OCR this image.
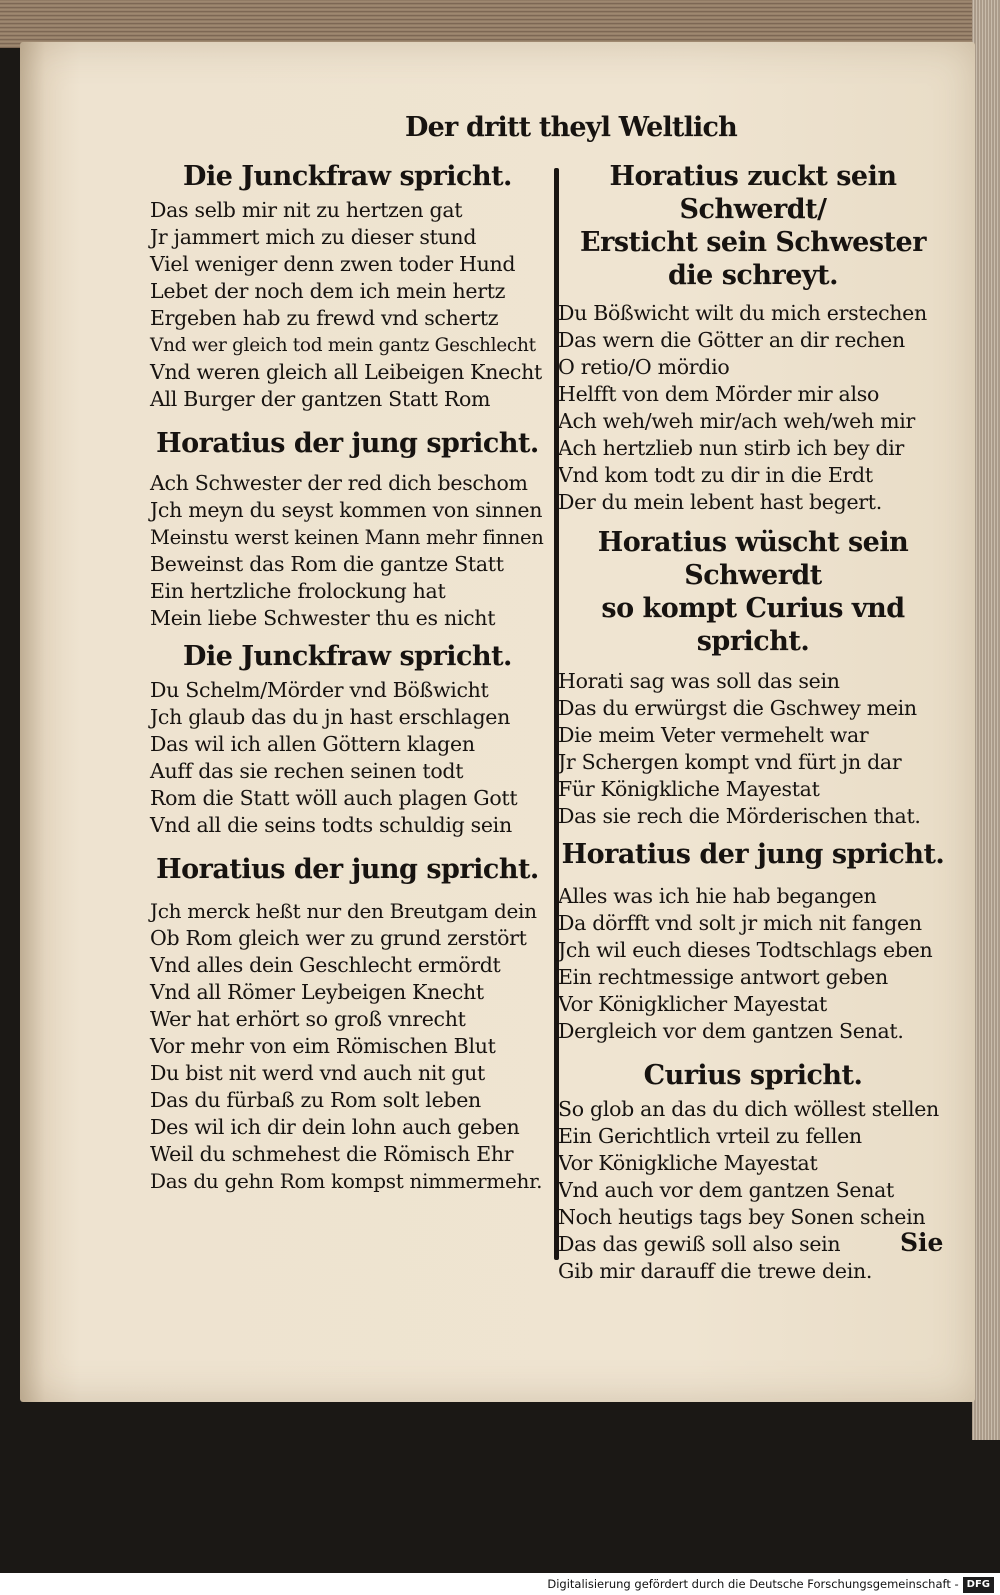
Der dritt theyl Weltlich
Die Junckfraw spricht.
Das selb mir nit zu hertzen gat
Jr jammert mich zu dieser stund
Viel weniger denn zwen toder Hund
Lebet der noch dem ich mein hertz
Ergeben hab zu frewd vnd schertz
Vnd wer gleich tod mein gantz Geschlecht
Vnd weren gleich all Leibeigen Knecht
All Burger der gantzen Statt Rom
Horatius der jung spricht.
Ach Schwester der red dich beschom
Jch meyn du seyst kommen von sinnen
Meinstu werst keinen Mann mehr finnen
Beweinst das Rom die gantze Statt
Ein hertzliche frolockung hat
Mein liebe Schwester thu es nicht
Die Junckfraw spricht.
Du Schelm/Mörder vnd Bößwicht
Jch glaub das du jn hast erschlagen
Das wil ich allen Göttern klagen
Auff das sie rechen seinen todt
Rom die Statt wöll auch plagen Gott
Vnd all die seins todts schuldig sein
Horatius der jung spricht.
Jch merck heßt nur den Breutgam dein
Ob Rom gleich wer zu grund zerstört
Vnd alles dein Geschlecht ermördt
Vnd all Römer Leybeigen Knecht
Wer hat erhört so groß vnrecht
Vor mehr von eim Römischen Blut
Du bist nit werd vnd auch nit gut
Das du fürbaß zu Rom solt leben
Des wil ich dir dein lohn auch geben
Weil du schmehest die Römisch Ehr
Das du gehn Rom kompst nimmermehr.
Horatius zuckt sein Schwerdt/
Ersticht sein Schwester
die schreyt.
Du Bößwicht wilt du mich erstechen
Das wern die Götter an dir rechen
O retio/O mördio
Helfft von dem Mörder mir also
Ach weh/weh mir/ach weh/weh mir
Ach hertzlieb nun stirb ich bey dir
Vnd kom todt zu dir in die Erdt
Der du mein lebent hast begert.
Horatius wüscht sein Schwerdt
so kompt Curius vnd spricht.
Horati sag was soll das sein
Das du erwürgst die Gschwey mein
Die meim Veter vermehelt war
Jr Schergen kompt vnd fürt jn dar
Für Königkliche Mayestat
Das sie rech die Mörderischen that.
Horatius der jung spricht.
Alles was ich hie hab begangen
Da dörfft vnd solt jr mich nit fangen
Jch wil euch dieses Todtschlags eben
Ein rechtmessige antwort geben
Vor Königklicher Mayestat
Dergleich vor dem gantzen Senat.
Curius spricht.
So glob an das du dich wöllest stellen
Ein Gerichtlich vrteil zu fellen
Vor Königkliche Mayestat
Vnd auch vor dem gantzen Senat
Noch heutigs tags bey Sonen schein
Das das gewiß soll also sein
Gib mir darauff die trewe dein.
Sie
Digitalisierung gefördert durch die Deutsche Forschungsgemeinschaft - DFG
